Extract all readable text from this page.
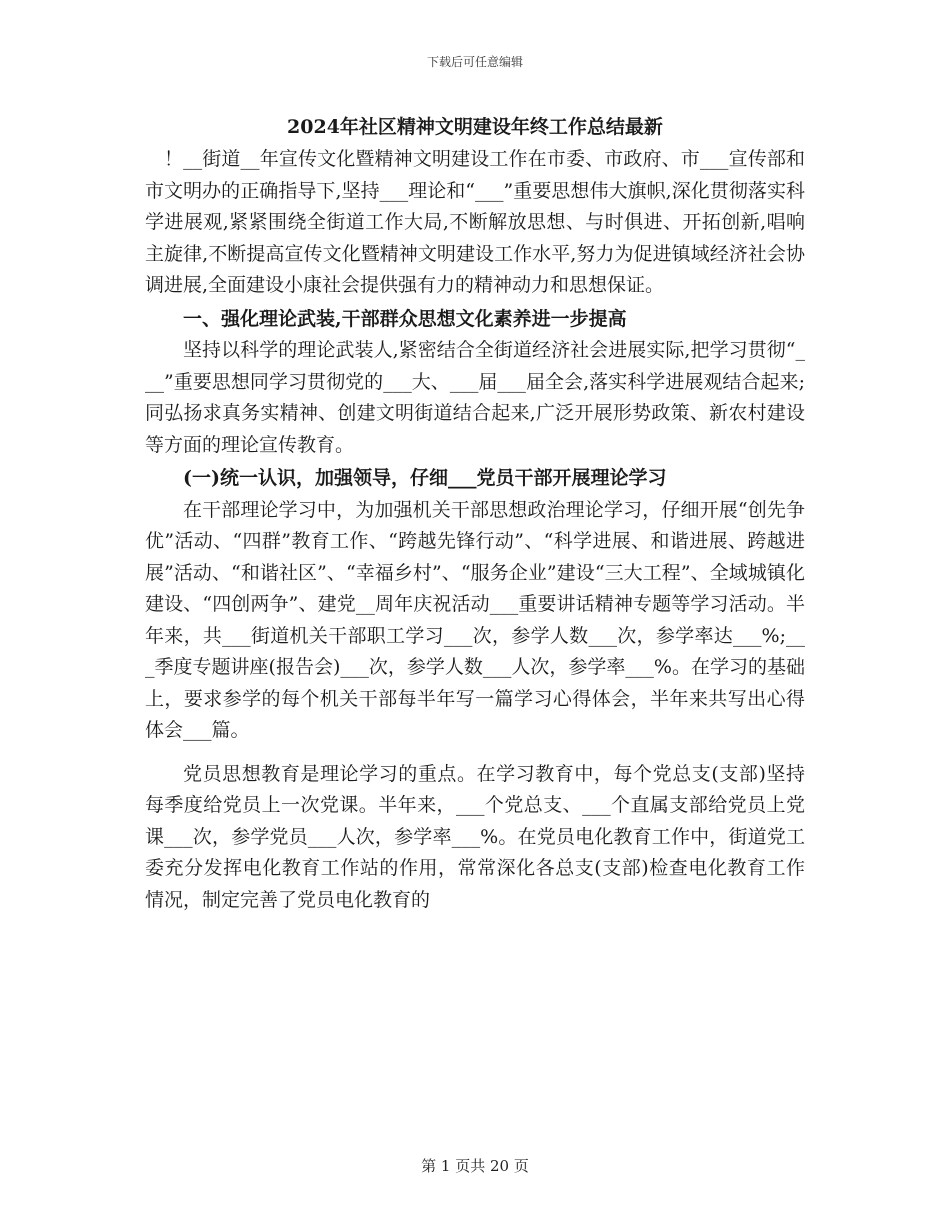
下载后可任意编辑
2024年社区精神文明建设年终工作总结最新

！__街道__年宣传文化暨精神文明建设工作在市委、市政府、市___宣传部和市文明办的正确指导下,坚持___理论和“___”重要思想伟大旗帜,深化贯彻落实科学进展观,紧紧围绕全街道工作大局,不断解放思想、与时俱进、开拓创新,唱响主旋律,不断提高宣传文化暨精神文明建设工作水平,努力为促进镇域经济社会协调进展,全面建设小康社会提供强有力的精神动力和思想保证。

一、强化理论武装,干部群众思想文化素养进一步提高

坚持以科学的理论武装人,紧密结合全街道经济社会进展实际,把学习贯彻“___”重要思想同学习贯彻党的___大、___届___届全会,落实科学进展观结合起来;同弘扬求真务实精神、创建文明街道结合起来,广泛开展形势政策、新农村建设等方面的理论宣传教育。

(一)统一认识，加强领导，仔细___党员干部开展理论学习

在干部理论学习中，为加强机关干部思想政治理论学习，仔细开展“创先争优”活动、“四群”教育工作、“跨越先锋行动”、“科学进展、和谐进展、跨越进展”活动、“和谐社区”、“幸福乡村”、“服务企业”建设“三大工程”、全域城镇化建设、“四创两争”、建党__周年庆祝活动___重要讲话精神专题等学习活动。半年来，共___街道机关干部职工学习___次，参学人数___次，参学率达___%;___季度专题讲座(报告会)___次，参学人数___人次，参学率___%。在学习的基础上，要求参学的每个机关干部每半年写一篇学习心得体会，半年来共写出心得体会___篇。

党员思想教育是理论学习的重点。在学习教育中，每个党总支(支部)坚持每季度给党员上一次党课。半年来，___个党总支、___个直属支部给党员上党课___次，参学党员___人次，参学率___%。在党员电化教育工作中，街道党工委充分发挥电化教育工作站的作用，常常深化各总支(支部)检查电化教育工作情况，制定完善了党员电化教育的

第 1 页共 20 页
